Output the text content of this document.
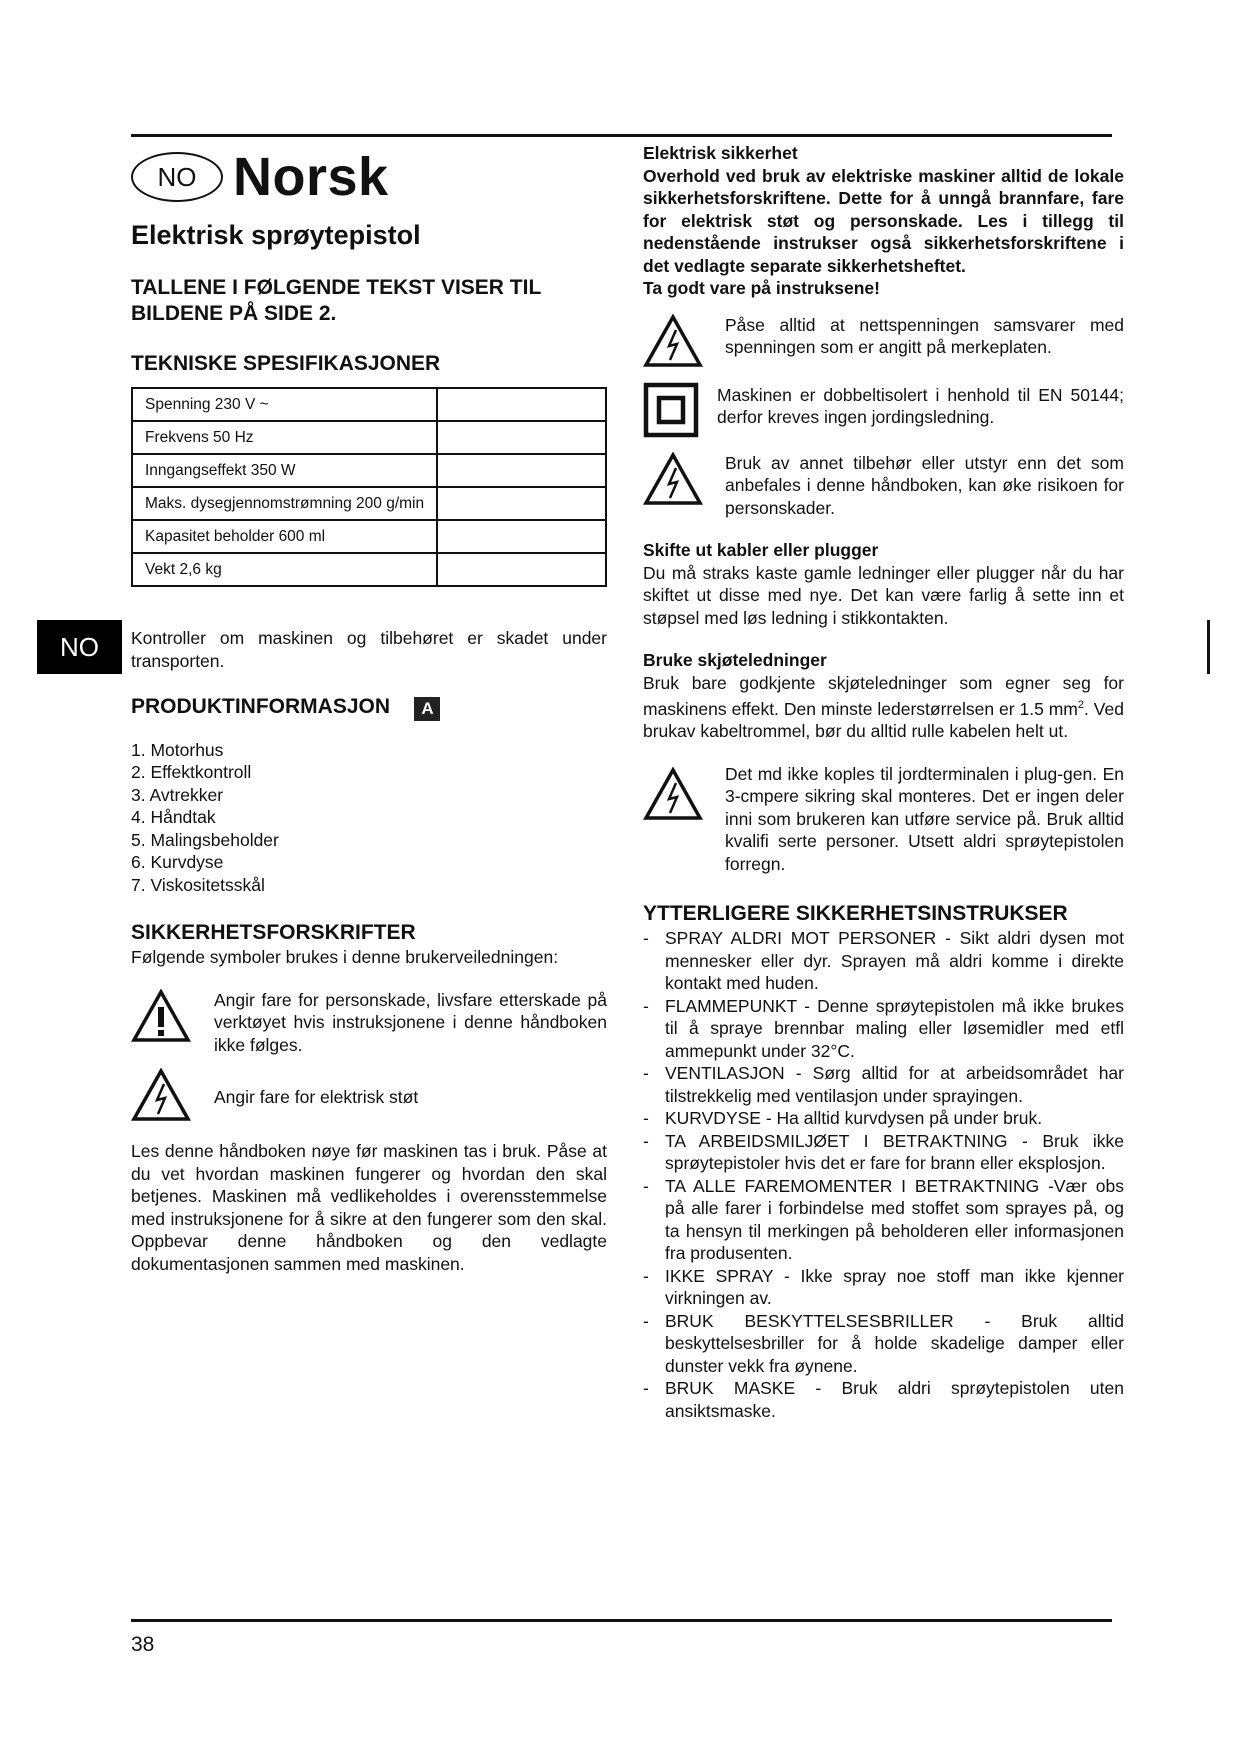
NO
NO Norsk
Elektrisk sprøytepistol
TALLENE I FØLGENDE TEKST VISER TIL BILDENE PÅ SIDE 2.
TEKNISKE SPESIFIKASJONER
Spenning 230 V ~	
Frekvens 50 Hz	
Inngangseffekt 350 W	
Maks. dysegjennomstrømning 200 g/min	
Kapasitet beholder 600 ml	
Vekt 2,6 kg	

Kontroller om maskinen og tilbehøret er skadet under transporten.

PRODUKTINFORMASJON A
1. Motorhus
2. Effektkontroll
3. Avtrekker
4. Håndtak
5. Malingsbeholder
6. Kurvdyse
7. Viskositetsskål
SIKKERHETSFORSKRIFTER

Følgende symboler brukes i denne brukerveiledningen:

Angir fare for personskade, livsfare etterskade på verktøyet hvis instruksjonene i denne håndboken ikke følges.

Angir fare for elektrisk støt

Les denne håndboken nøye før maskinen tas i bruk. Påse at du vet hvordan maskinen fungerer og hvordan den skal betjenes. Maskinen må vedlikeholdes i overensstemmelse med instruksjonene for å sikre at den fungerer som den skal. Oppbevar denne håndboken og den vedlagte dokumentasjonen sammen med maskinen.

Elektrisk sikkerhet

Overhold ved bruk av elektriske maskiner alltid de lokale sikkerhetsforskriftene. Dette for å unngå brannfare, fare for elektrisk støt og personskade. Les i tillegg til nedenstående instrukser også sikkerhetsforskriftene i det vedlagte separate sikkerhetsheftet.

Ta godt vare på instruksene!

Påse alltid at nettspenningen samsvarer med spenningen som er angitt på merkeplaten.

Maskinen er dobbeltisolert i henhold til EN 50144; derfor kreves ingen jordingsledning.

Bruk av annet tilbehør eller utstyr enn det som anbefales i denne håndboken, kan øke risikoen for personskader.

Skifte ut kabler eller plugger

Du må straks kaste gamle ledninger eller plugger når du har skiftet ut disse med nye. Det kan være farlig å sette inn et støpsel med løs ledning i stikkontakten.

Bruke skjøteledninger

Bruk bare godkjente skjøteledninger som egner seg for maskinens effekt. Den minste lederstørrelsen er 1.5 $mm^2$. Ved brukav kabeltrommel, bør du alltid rulle kabelen helt ut.

Det md ikke koples til jordterminalen i plug-gen. En 3-cmpere sikring skal monteres. Det er ingen deler inni som brukeren kan utføre service på. Bruk alltid kvalifi serte personer. Utsett aldri sprøytepistolen forregn.

YTTERLIGERE SIKKERHETSINSTRUKSER
- SPRAY ALDRI MOT PERSONER - Sikt aldri dysen mot mennesker eller dyr. Sprayen må aldri komme i direkte kontakt med huden.
- FLAMMEPUNKT - Denne sprøytepistolen må ikke brukes til å spraye brennbar maling eller løsemidler med etfl ammepunkt under 32°C.
- VENTILASJON - Sørg alltid for at arbeidsområdet har tilstrekkelig med ventilasjon under sprayingen.
- KURVDYSE - Ha alltid kurvdysen på under bruk.
- TA ARBEIDSMILJØET I BETRAKTNING - Bruk ikke sprøytepistoler hvis det er fare for brann eller eksplosjon.
- TA ALLE FAREMOMENTER I BETRAKTNING -Vær obs på alle farer i forbindelse med stoffet som sprayes på, og ta hensyn til merkingen på beholderen eller informasjonen fra produsenten.
- IKKE SPRAY - Ikke spray noe stoff man ikke kjenner virkningen av.
- BRUK BESKYTTELSESBRILLER - Bruk alltid beskyttelsesbriller for å holde skadelige damper eller dunster vekk fra øynene.
- BRUK MASKE - Bruk aldri sprøytepistolen uten ansiktsmaske.
38
